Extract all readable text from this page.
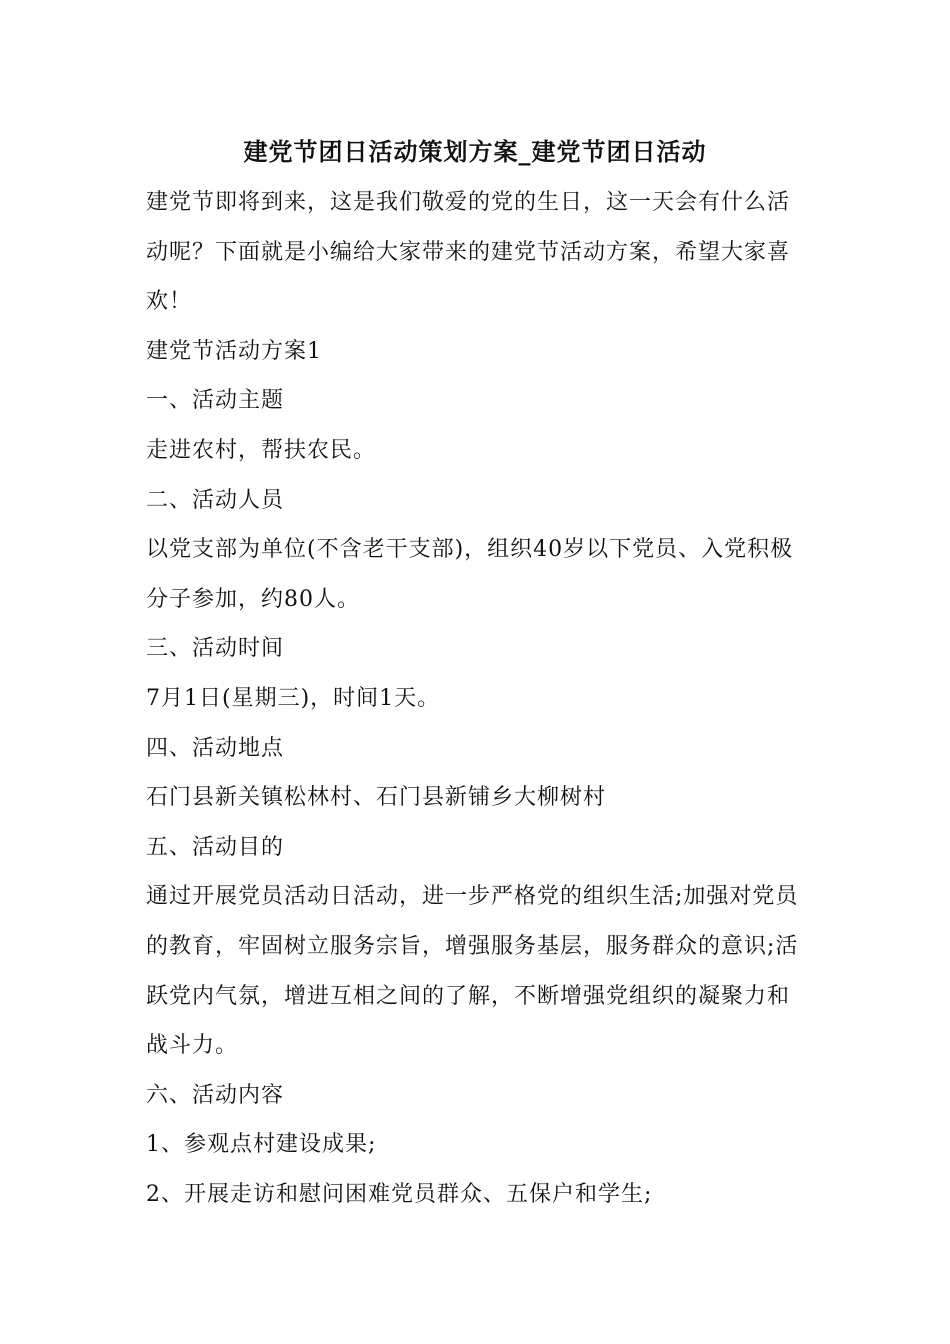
建党节团日活动策划方案_建党节团日活动

建党节即将到来，这是我们敬爱的党的生日，这一天会有什么活动呢？下面就是小编给大家带来的建党节活动方案，希望大家喜欢！

建党节活动方案1

一、活动主题

走进农村，帮扶农民。

二、活动人员

以党支部为单位(不含老干支部)，组织40岁以下党员、入党积极分子参加，约80人。

三、活动时间

7月1日(星期三)，时间1天。

四、活动地点

石门县新关镇松林村、石门县新铺乡大柳树村

五、活动目的

通过开展党员活动日活动，进一步严格党的组织生活;加强对党员的教育，牢固树立服务宗旨，增强服务基层，服务群众的意识;活跃党内气氛，增进互相之间的了解，不断增强党组织的凝聚力和战斗力。

六、活动内容

1、参观点村建设成果;

2、开展走访和慰问困难党员群众、五保户和学生;
